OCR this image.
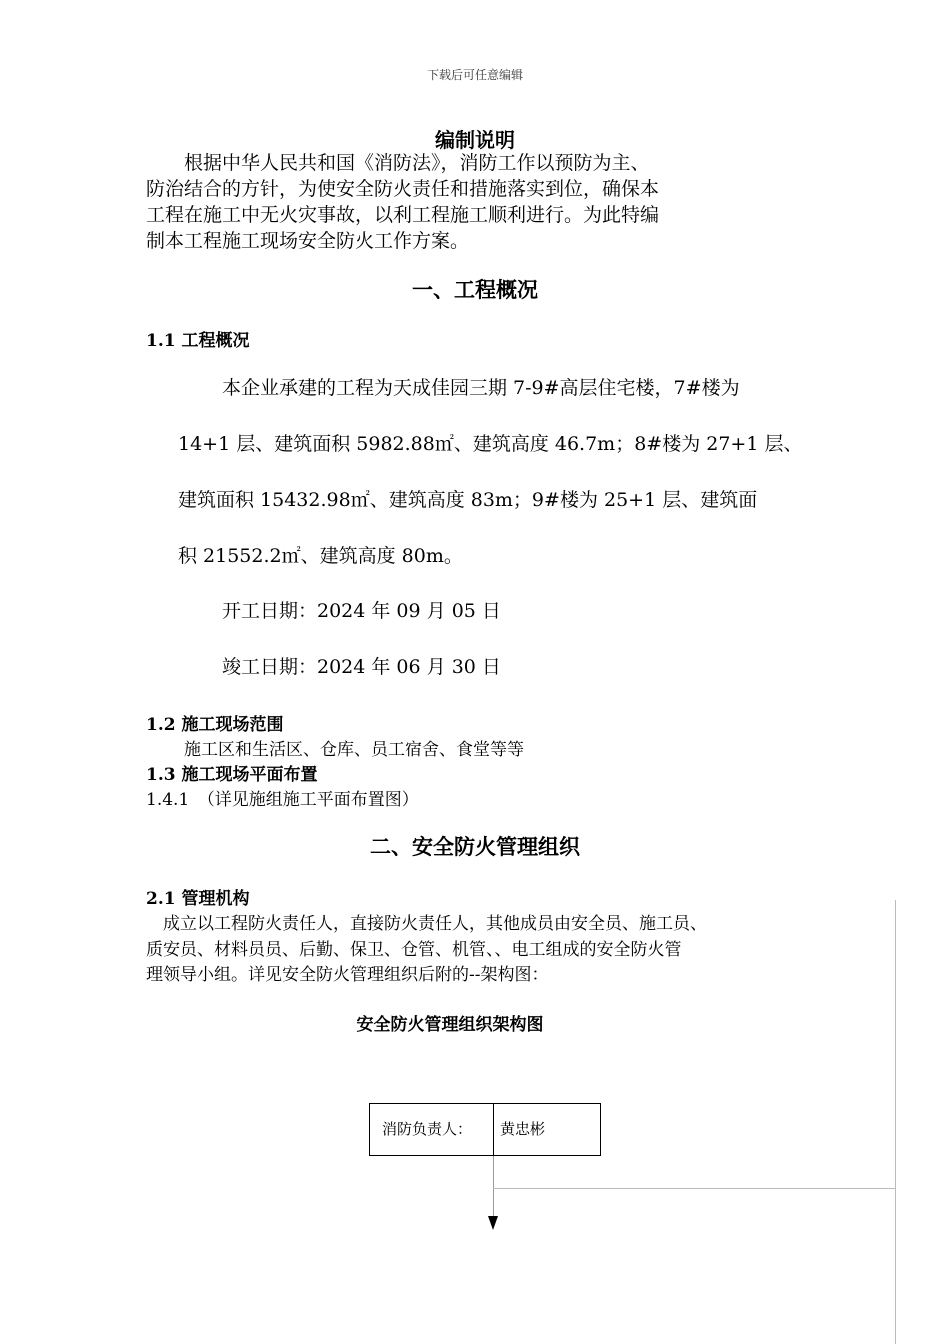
下载后可任意编辑
编制说明

　　根据中华人民共和国《消防法》，消防工作以预防为主、

防治结合的方针，为使安全防火责任和措施落实到位，确保本

工程在施工中无火灾事故，以利工程施工顺利进行。为此特编

制本工程施工现场安全防火工作方案。

一、工程概况
1.1 工程概况
本企业承建的工程为天成佳园三期 7-9#高层住宅楼，7#楼为
14+1 层、建筑面积 5982.88㎡、建筑高度 46.7m；8#楼为 27+1 层、
建筑面积 15432.98㎡、建筑高度 83m；9#楼为 25+1 层、建筑面
积 21552.2㎡、建筑高度 80m。
开工日期：2024 年 09 月 05 日
竣工日期：2024 年 06 月 30 日
1.2 施工现场范围
施工区和生活区、仓库、员工宿舍、食堂等等
1.3 施工现场平面布置
1.4.1　（详见施组施工平面布置图）
二、安全防火管理组织
2.1 管理机构
　成立以工程防火责任人，直接防火责任人，其他成员由安全员、施工员、
质安员、材料员员、后勤、保卫、仓管、机管、、电工组成的安全防火管
理领导小组。详见安全防火管理组织后附的--架构图：
安全防火管理组织架构图
消防负责人： 黄忠彬
